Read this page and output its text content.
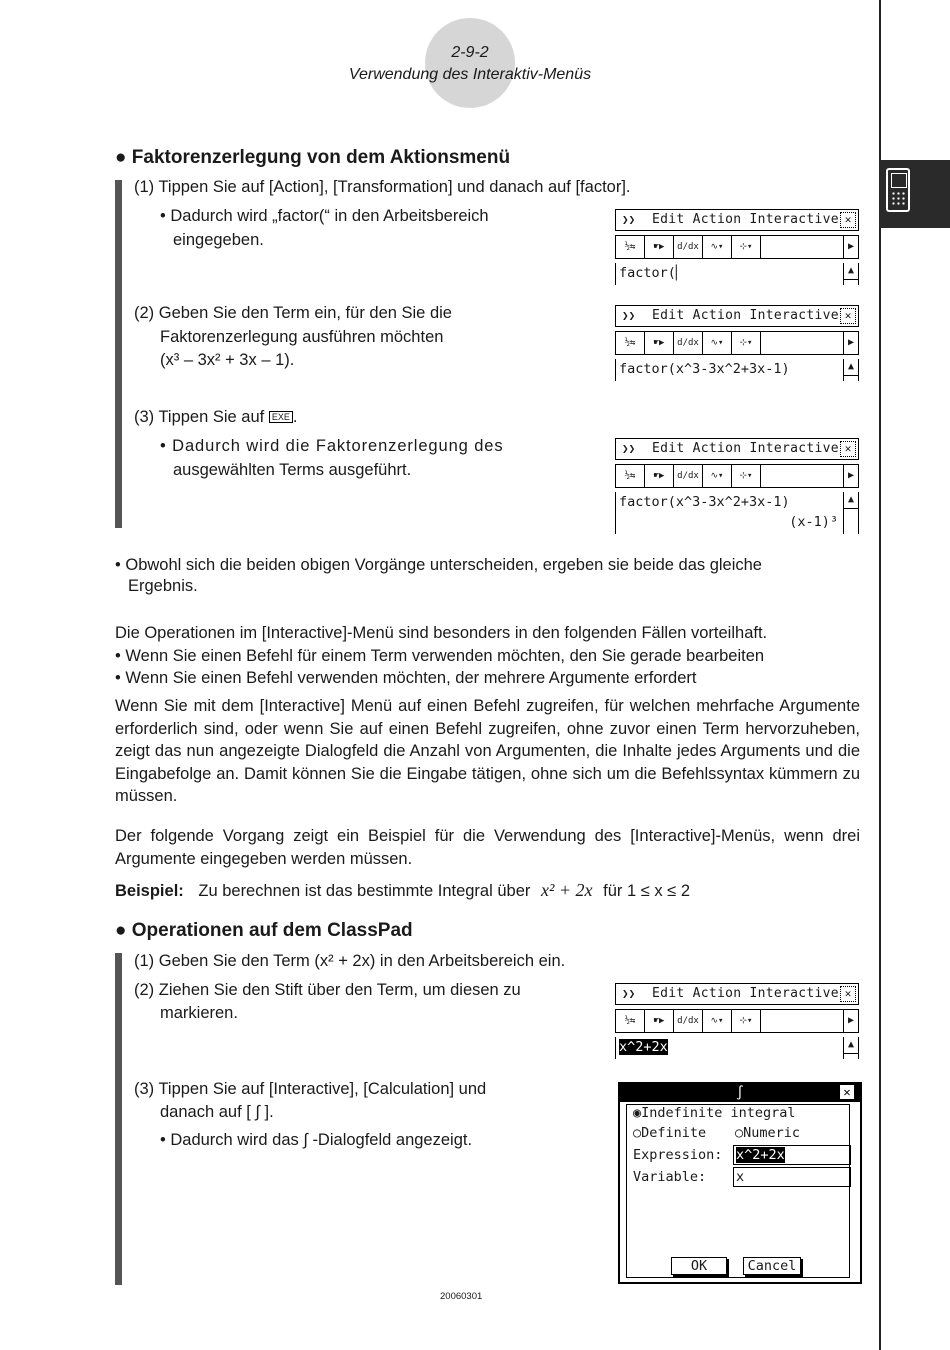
2-9-2
Verwendung des Interaktiv-Menüs
● Faktorenzerlegung von dem Aktionsmenü
(1) Tippen Sie auf [Action], [Transformation] und danach auf [factor].
• Dadurch wird „factor(“ in den Arbeitsbereich
eingegeben.
(2) Geben Sie den Term ein, für den Sie die
Faktorenzerlegung ausführen möchten
(x³ – 3x² + 3x – 1).
(3) Tippen Sie auf EXE .
• Dadurch wird die Faktorenzerlegung des
ausgewählten Terms ausgeführt.
❯❯ Edit Action Interactive ✕
½⇆	☛▶	d/dx	∿▾	⊹▾	▶
factor(▏	▲
❯❯ Edit Action Interactive ✕
½⇆	☛▶	d/dx	∿▾	⊹▾	▶
factor(x^3-3x^2+3x-1)	▲
❯❯ Edit Action Interactive ✕
½⇆	☛▶	d/dx	∿▾	⊹▾	▶
factor(x^3-3x^2+3x-1)
(x-1)³
▲
• Obwohl sich die beiden obigen Vorgänge unterscheiden, ergeben sie beide das gleiche
Ergebnis.
Die Operationen im [Interactive]-Menü sind besonders in den folgenden Fällen vorteilhaft.
• Wenn Sie einen Befehl für einem Term verwenden möchten, den Sie gerade bearbeiten
• Wenn Sie einen Befehl verwenden möchten, der mehrere Argumente erfordert
Wenn Sie mit dem [Interactive] Menü auf einen Befehl zugreifen, für welchen mehrfache Argumente erforderlich sind, oder wenn Sie auf einen Befehl zugreifen, ohne zuvor einen Term hervorzuheben, zeigt das nun angezeigte Dialogfeld die Anzahl von Argumenten, die Inhalte jedes Arguments und die Eingabefolge an. Damit können Sie die Eingabe tätigen, ohne sich um die Befehlssyntax kümmern zu müssen.
Der folgende Vorgang zeigt ein Beispiel für die Verwendung des [Interactive]-Menüs, wenn drei Argumente eingegeben werden müssen.
Beispiel: Zu berechnen ist das bestimmte Integral über x² + 2x für 1 ≤ x ≤ 2
● Operationen auf dem ClassPad
(1) Geben Sie den Term (x² + 2x) in den Arbeitsbereich ein.
(2) Ziehen Sie den Stift über den Term, um diesen zu
markieren.
(3) Tippen Sie auf [Interactive], [Calculation] und
danach auf [ ∫ ].
• Dadurch wird das ∫ -Dialogfeld angezeigt.
❯❯ Edit Action Interactive ✕
½⇆	☛▶	d/dx	∿▾	⊹▾	▶
x^2+2x	▲
∫	✕
◉Indefinite integral
○Definite ○Numeric
Expression: x^2+2x
Variable: x
OK	Cancel
20060301
